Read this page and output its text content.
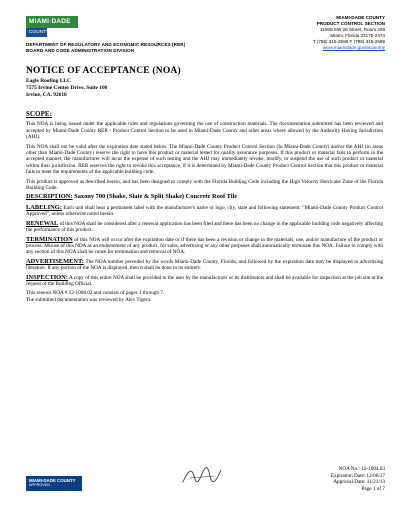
MIAMI·DADE
COUNTY
DEPARTMENT OF REGULATORY AND ECONOMIC RESOURCES (RER)
BOARD AND CODE ADMINISTRATION DIVISION
MIAMI-DADE COUNTY
PRODUCT CONTROL SECTION
11805 SW 26 Street, Room 208
Miami, Florida 33175-2474
T (786) 315-2590 F (786) 315-2599
www.miamidade.gov/economy
NOTICE OF ACCEPTANCE (NOA)
Eagle Roofing LLC
7575 Irvine Center Drive, Suite 100
Irvine, CA. 92618

SCOPE:

This NOA is being issued under the applicable rules and regulations governing the use of construction materials. The documentation submitted has been reviewed and accepted by Miami-Dade County RER - Product Control Section to be used in Miami-Dade County and other areas where allowed by the Authority Having Jurisdiction (AHJ).

This NOA shall not be valid after the expiration date stated below. The Miami-Dade County Product Control Section (In Miami-Dade County) and/or the AHJ (in areas other than Miami-Dade County) reserve the right to have this product or material tested for quality assurance purposes. If this product or material fails to perform in the accepted manner, the manufacturer will incur the expense of such testing and the AHJ may immediately revoke, modify, or suspend the use of such product or material within their jurisdiction. RER reserves the right to revoke this acceptance, if it is determined by Miami-Dade County Product Control Section that this product or material fails to meet the requirements of the applicable building code.

This product is approved as described herein, and has been designed to comply with the Florida Building Code including the High Velocity Hurricane Zone of the Florida Building Code.

DESCRIPTION: Saxony 700 (Shake, Slate & Split Shake) Concrete Roof Tile

LABELING: Each unit shall bear a permanent label with the manufacturer's name or logo, city, state and following statement: "Miami-Dade County Product Control Approved", unless otherwise noted herein.

RENEWAL of this NOA shall be considered after a renewal application has been filed and there has been no change in the applicable building code negatively affecting the performance of this product.

TERMINATION of this NOA will occur after the expiration date or if there has been a revision or change in the materials, use, and/or manufacture of the product or process. Misuse of this NOA as an endorsement of any product, for sales, advertising or any other purposes shall automatically terminate this NOA. Failure to comply with any section of this NOA shall be cause for termination and removal of NOA.

ADVERTISEMENT: The NOA number preceded by the words Miami-Dade County, Florida, and followed by the expiration date may be displayed in advertising literature. If any portion of the NOA is displayed, then it shall be done in its entirety.

INSPECTION: A copy of this entire NOA shall be provided to the user by the manufacturer or its distributors and shall be available for inspection at the job site at the request of the Building Official.

This renews NOA # 12-1008.02 and consists of pages 1 through 7.

The submitted documentation was reviewed by Alex Tigera.

MIAMI-DADE COUNTY
APPROVED
NOA No.: 12-1004.03
Expiration Date: 12/06/17
Approval Date: 11/21/13
Page 1 of 7
